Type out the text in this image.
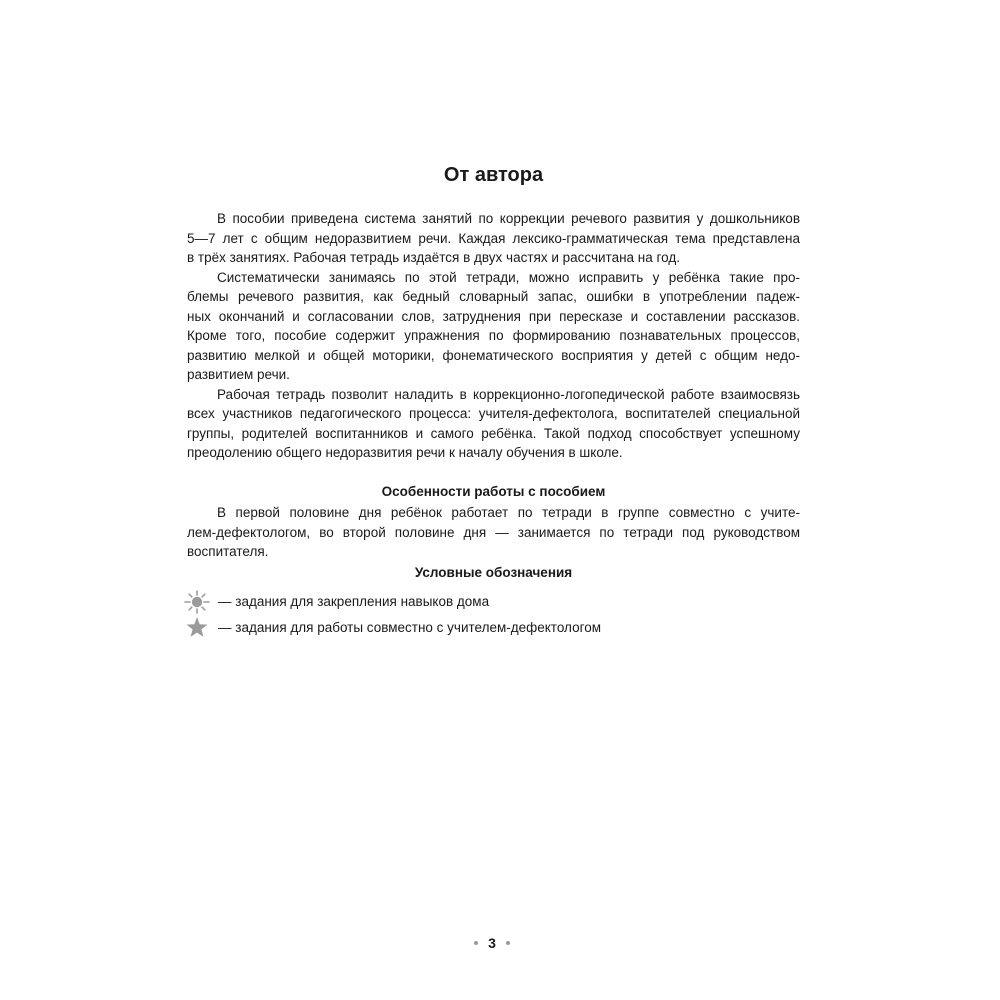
От автора
В пособии приведена система занятий по коррекции речевого развития у дошкольников
5—7 лет с общим недоразвитием речи. Каждая лексико-грамматическая тема представлена
в трёх занятиях. Рабочая тетрадь издаётся в двух частях и рассчитана на год.
Систематически занимаясь по этой тетради, можно исправить у ребёнка такие про-
блемы речевого развития, как бедный словарный запас, ошибки в употреблении падеж-
ных окончаний и согласовании слов, затруднения при пересказе и составлении рассказов.
Кроме того, пособие содержит упражнения по формированию познавательных процессов,
развитию мелкой и общей моторики, фонематического восприятия у детей с общим недо-
развитием речи.
Рабочая тетрадь позволит наладить в коррекционно-логопедической работе взаимосвязь
всех участников педагогического процесса: учителя-дефектолога, воспитателей специальной
группы, родителей воспитанников и самого ребёнка. Такой подход способствует успешному
преодолению общего недоразвития речи к началу обучения в школе.
Особенности работы с пособием
В первой половине дня ребёнок работает по тетради в группе совместно с учите-
лем-дефектологом, во второй половине дня — занимается по тетради под руководством
воспитателя.
Условные обозначения
— задания для закрепления навыков дома
— задания для работы совместно с учителем-дефектологом
3
